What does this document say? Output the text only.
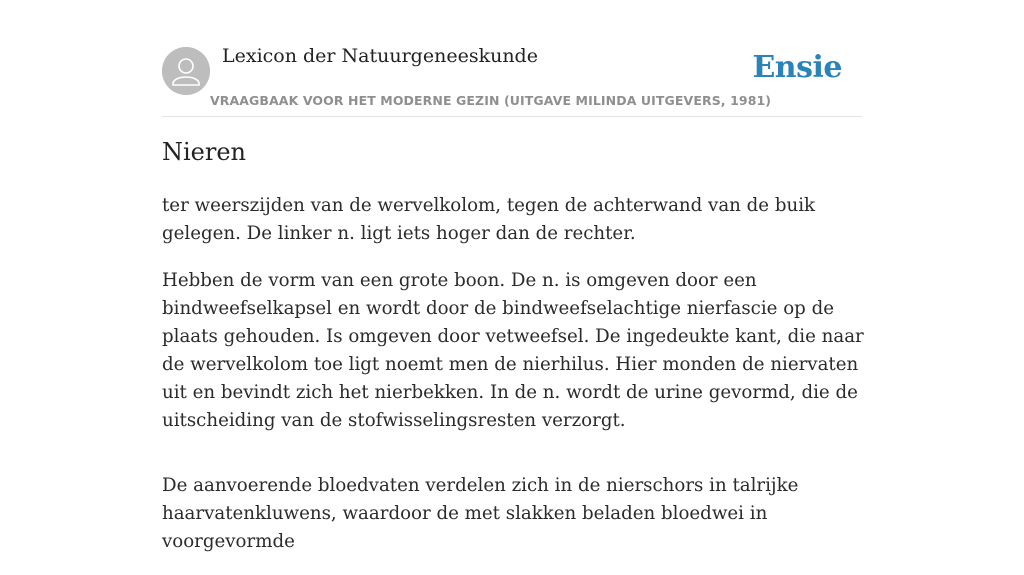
Lexicon der Natuurgeneeskunde
VRAAGBAAK VOOR HET MODERNE GEZIN (UITGAVE MILINDA UITGEVERS, 1981)
Ensie
Nieren

ter weerszijden van de wervelkolom, tegen de achterwand van de buik gelegen. De linker n. ligt iets hoger dan de rechter.

Hebben de vorm van een grote boon. De n. is omgeven door een bindweefselkapsel en wordt door de bindweefselachtige nierfascie op de plaats gehouden. Is omgeven door vetweefsel. De ingedeukte kant, die naar de wervelkolom toe ligt noemt men de nierhilus. Hier monden de niervaten uit en bevindt zich het nierbekken. In de n. wordt de urine gevormd, die de uitscheiding van de stofwisselingsresten verzorgt.

De aanvoerende bloedvaten verdelen zich in de nierschors in talrijke haarvatenkluwens, waardoor de met slakken beladen bloedwei in voorgevormde
